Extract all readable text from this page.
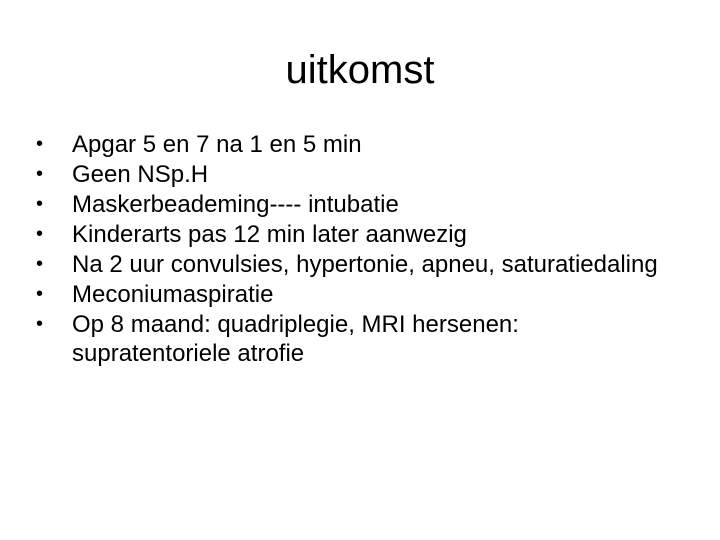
uitkomst
•	Apgar 5 en 7 na 1 en 5 min
•	Geen NSp.H
•	Maskerbeademing---- intubatie
•	Kinderarts pas 12 min later aanwezig
•	Na 2 uur convulsies, hypertonie, apneu, saturatiedaling
•	Meconiumaspiratie
•	Op 8 maand: quadriplegie, MRI hersenen: supratentoriele atrofie
